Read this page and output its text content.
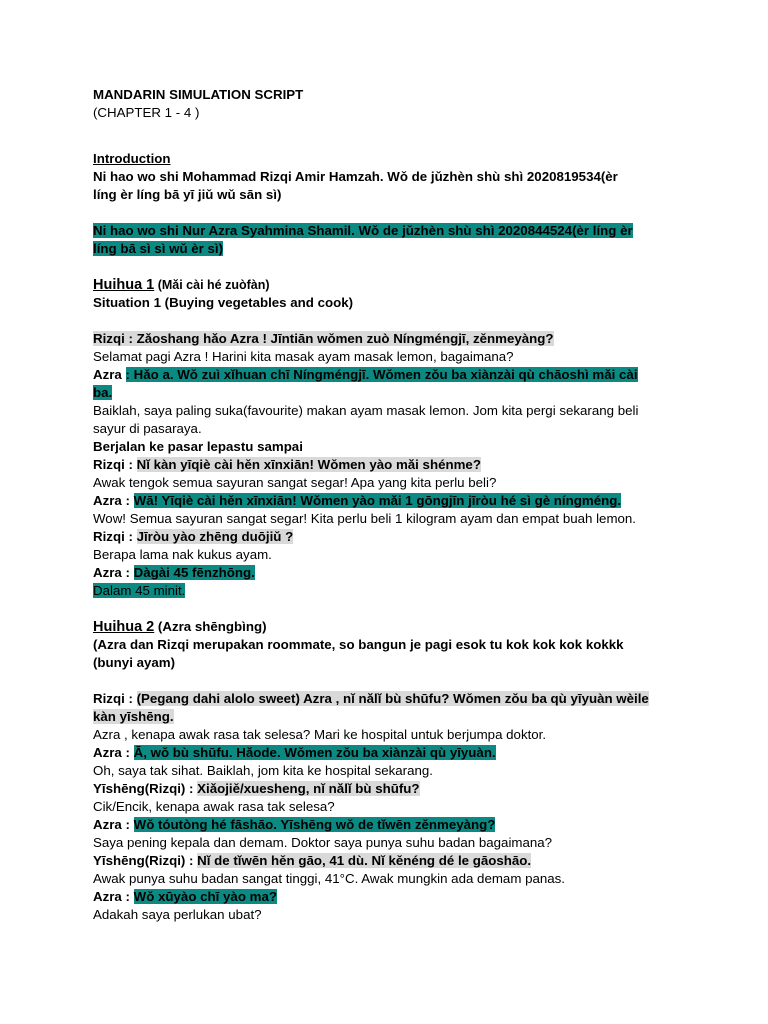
MANDARIN SIMULATION SCRIPT
(CHAPTER 1 - 4 )
Introduction
Ni hao wo shi Mohammad Rizqi Amir Hamzah. Wǒ de jǔzhèn shù shì 2020819534(èr
líng èr líng bā yī jiǔ wǔ sān sì)
Ni hao wo shi Nur Azra Syahmina Shamil. Wǒ de jǔzhèn shù shì 2020844524(èr líng èr
líng bā sì sì wǔ èr sì)
Huihua 1 (Mǎi cài hé zuòfàn)
Situation 1 (Buying vegetables and cook)
Rizqi : Zǎoshang hǎo Azra ! Jīntiān wǒmen zuò Níngméngjī, zěnmeyàng?
Selamat pagi Azra ! Harini kita masak ayam masak lemon, bagaimana?
Azra : Hǎo a. Wǒ zuì xǐhuan chī Níngméngjī. Wǒmen zǒu ba xiànzài qù chāoshì mǎi cài
ba.
Baiklah, saya paling suka(favourite) makan ayam masak lemon. Jom kita pergi sekarang beli
sayur di pasaraya.
Berjalan ke pasar lepastu sampai
Rizqi : Nǐ kàn yīqiè cài hěn xīnxiān! Wǒmen yào mǎi shénme?
Awak tengok semua sayuran sangat segar! Apa yang kita perlu beli?
Azra : Wā! Yīqiè cài hěn xīnxiān! Wǒmen yào mǎi 1 gōngjīn jīròu hé sì gè níngméng.
Wow! Semua sayuran sangat segar! Kita perlu beli 1 kilogram ayam dan empat buah lemon.
Rizqi : Jīròu yào zhēng duōjiǔ ?
Berapa lama nak kukus ayam.
Azra : Dàgài 45 fēnzhōng.
Dalam 45 minit.
Huihua 2 (Azra shēngbìng)
(Azra dan Rizqi merupakan roommate, so bangun je pagi esok tu kok kok kok kokkk
(bunyi ayam)
Rizqi : (Pegang dahi alolo sweet) Azra , nǐ nǎlǐ bù shūfu? Wǒmen zǒu ba qù yīyuàn wèile
kàn yīshēng.
Azra , kenapa awak rasa tak selesa? Mari ke hospital untuk berjumpa doktor.
Azra : Ā, wǒ bù shūfu. Hǎode. Wǒmen zǒu ba xiànzài qù yīyuàn.
Oh, saya tak sihat. Baiklah, jom kita ke hospital sekarang.
Yīshēng(Rizqi) : Xiǎojiě/xuesheng, nǐ nǎlǐ bù shūfu?
Cik/Encik, kenapa awak rasa tak selesa?
Azra : Wǒ tóutòng hé fāshāo. Yīshēng wǒ de tǐwēn zěnmeyàng?
Saya pening kepala dan demam. Doktor saya punya suhu badan bagaimana?
Yīshēng(Rizqi) : Nǐ de tǐwēn hěn gāo, 41 dù. Nǐ kěnéng dé le gāoshāo.
Awak punya suhu badan sangat tinggi, 41°C. Awak mungkin ada demam panas.
Azra : Wǒ xūyào chī yào ma?
Adakah saya perlukan ubat?
